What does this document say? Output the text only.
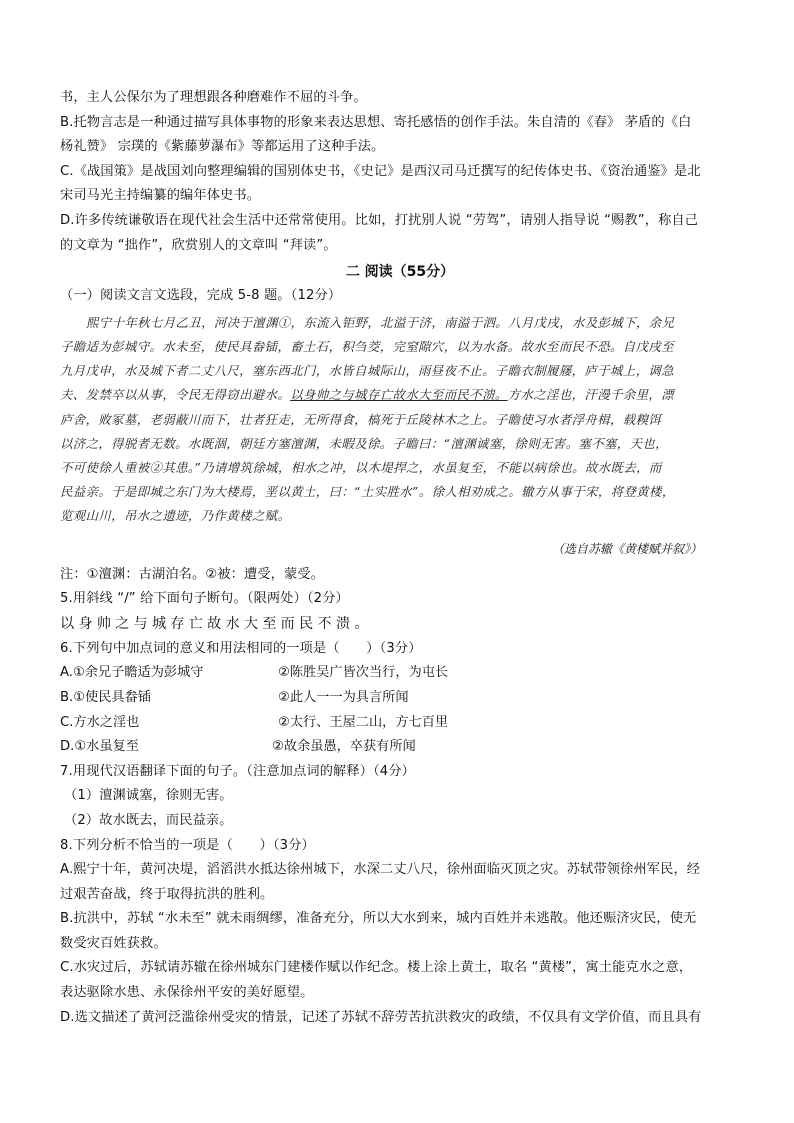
书，主人公保尔为了理想跟各种磨难作不屈的斗争。
B.托物言志是一种通过描写具体事物的形象来表达思想、寄托感悟的创作手法。朱自清的《春》 茅盾的《白
杨礼赞》 宗璞的《紫藤萝瀑布》等都运用了这种手法。
C.《战国策》是战国刘向整理编辑的国别体史书，《史记》是西汉司马迁撰写的纪传体史书、《资治通鉴》是北
宋司马光主持编纂的编年体史书。
D.许多传统谦敬语在现代社会生活中还常常使用。比如，打扰别人说 “劳驾”，请别人指导说 “赐教”，称自己
的文章为 “拙作”，欣赏别人的文章叫 “拜读”。
二 阅读（55分）
（一）阅读文言文选段，完成 5-8 题。（12分）
熙宁十年秋七月乙丑，河决于澶渊①，东流入钜野，北溢于济，南溢于泗。八月戊戌，水及彭城下，余兄
子瞻适为彭城守。水未至，使民具畚锸，畜土石，积刍茭，完窒隙穴，以为水备。故水至而民不恐。自戊戌至
九月戊申，水及城下者二丈八尺，塞东西北门，水皆自城际山，雨昼夜不止。子瞻衣制履屦，庐于城上，调急
夫、发禁卒以从事，令民无得窃出避水。以身帅之与城存亡故水大至而民不溃。方水之淫也，汗漫千余里，漂
庐舍，败冢墓，老弱蔽川而下，壮者狂走，无所得食，槁死于丘陵林木之上。子瞻使习水者浮舟楫，载糗饵
以济之，得脱者无数。水既涸，朝廷方塞澶渊，未暇及徐。子瞻曰：“澶渊诚塞，徐则无害。塞不塞，天也，
不可使徐人重被②其患。”乃请增筑徐城，相水之冲，以木堤捍之，水虽复至，不能以病徐也。故水既去，而
民益亲。于是即城之东门为大楼焉，垩以黄土，曰：“土实胜水”。徐人相劝成之。辙方从事于宋，将登黄楼，
览观山川，吊水之遗迹，乃作黄楼之赋。
（选自苏辙《黄楼赋并叙》）
注：①澶渊：古湖泊名。②被：遭受，蒙受。
5.用斜线 “/” 给下面句子断句。（限两处）（2分）
以身帅之与城存亡故水大至而民不溃。
6.下列句中加点词的意义和用法相同的一项是（　　）（3分）
A.①余兄子瞻适为彭城守	②陈胜吴广皆次当行，为屯长
B.①使民具畚锸	②此人一一为具言所闻
C.方水之淫也	②太行、王屋二山，方七百里
D.①水虽复至	②故余虽愚，卒获有所闻
7.用现代汉语翻译下面的句子。（注意加点词的解释）（4分）
（1）澶渊诚塞，徐则无害。
（2）故水既去，而民益亲。
8.下列分析不恰当的一项是（　　）（3分）
A.熙宁十年，黄河决堤，滔滔洪水抵达徐州城下，水深二丈八尺，徐州面临灭顶之灾。苏轼带领徐州军民，经
过艰苦奋战，终于取得抗洪的胜利。
B.抗洪中，苏轼 “水未至” 就未雨绸缪，准备充分，所以大水到来，城内百姓并未逃散。他还赈济灾民，使无
数受灾百姓获救。
C.水灾过后，苏轼请苏辙在徐州城东门建楼作赋以作纪念。楼上涂上黄土，取名 “黄楼”，寓土能克水之意，
表达驱除水患、永保徐州平安的美好愿望。
D.选文描述了黄河泛滥徐州受灾的情景，记述了苏轼不辞劳苦抗洪救灾的政绩，不仅具有文学价值，而且具有
